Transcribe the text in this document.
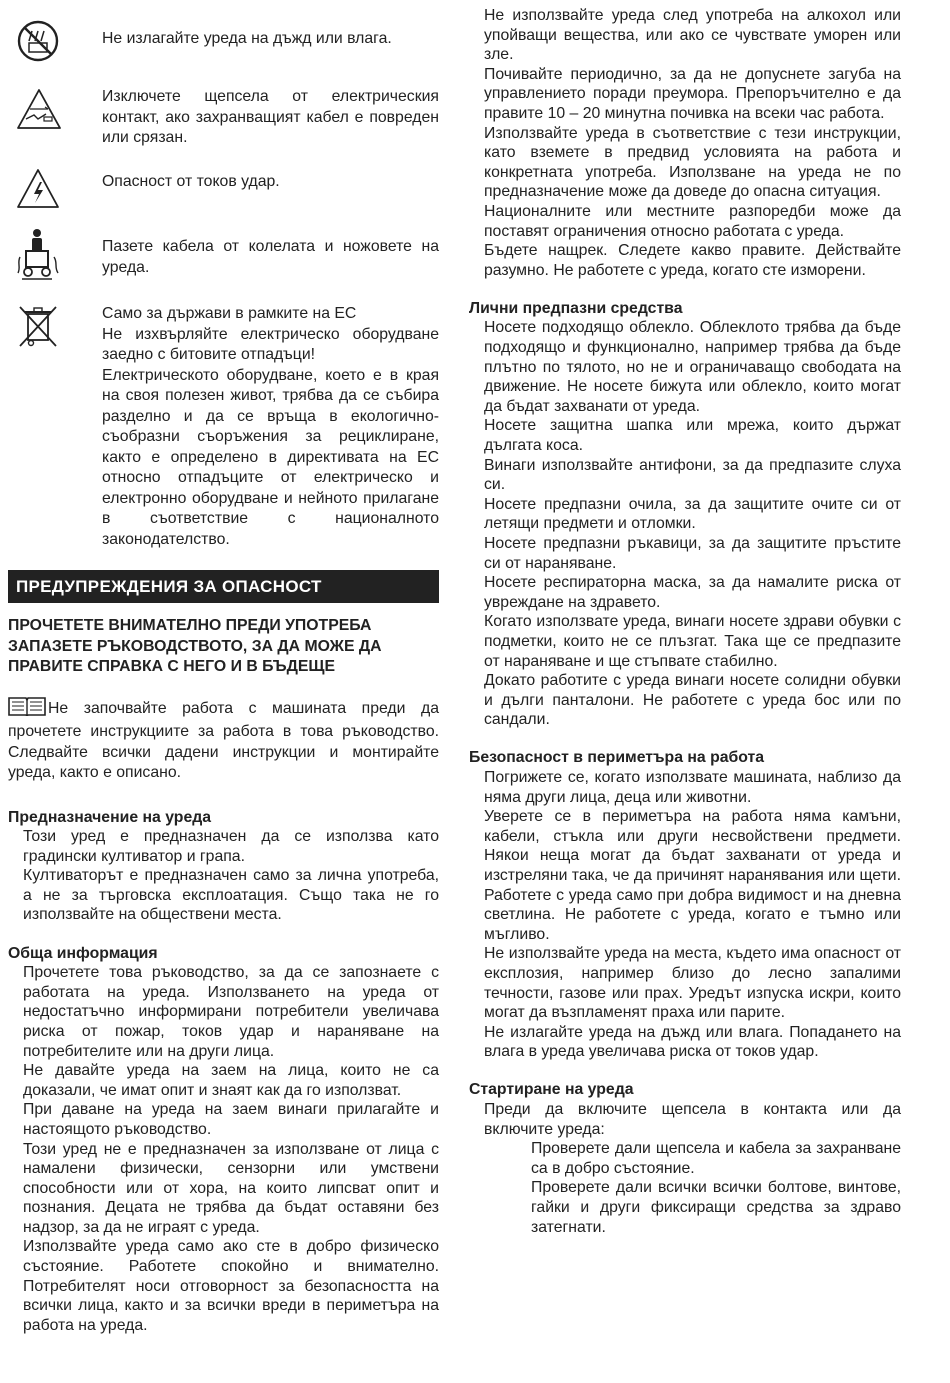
Не излагайте уреда на дъжд или влага.

Изключете щепсела от електрическия контакт, ако захранващият кабел е повреден или срязан.

Опасност от токов удар.

Пазете кабела от колелата и ножовете на уреда.

Само за държави в рамките на ЕС

Не изхвърляйте електрическо оборудване заедно с битовите отпадъци!

Електрическото оборудване, което е в края на своя полезен живот, трябва да се събира разделно и да се връща в екологично-съобразни съоръжения за рециклиране, както е определено в директивата на ЕС относно отпадъците от електрическо и електронно оборудване и нейното прилагане в съответствие с националното законодателство.

ПРЕДУПРЕЖДЕНИЯ ЗА ОПАСНОСТ

ПРОЧЕТЕТЕ ВНИМАТЕЛНО ПРЕДИ УПОТРЕБА ЗАПАЗЕТЕ РЪКОВОДСТВОТО, ЗА ДА МОЖЕ ДА ПРАВИТЕ СПРАВКА С НЕГО И В БЪДЕЩЕ

Не започвайте работа с машината преди да прочетете инструкциите за работа в това ръководство. Следвайте всички дадени инструкции и монтирайте уреда, както е описано.

Предназначение на уреда

Този уред е предназначен да се използва като градински култиватор и грапа.

Култиваторът е предназначен само за лична употреба, а не за търговска експлоатация. Също така не го използвайте на обществени места.

Обща информация

Прочетете това ръководство, за да се запознаете с работата на уреда. Използването на уреда от недостатъчно информирани потребители увеличава риска от пожар, токов удар и нараняване на потребителите или на други лица.

Не давайте уреда на заем на лица, които не са доказали, че имат опит и знаят как да го използват.

При даване на уреда на заем винаги прилагайте и настоящото ръководство.

Този уред не е предназначен за използване от лица с намалени физически, сензорни или умствени способности или от хора, на които липсват опит и познания. Децата не трябва да бъдат оставяни без надзор, за да не играят с уреда.

Използвайте уреда само ако сте в добро физическо състояние. Работете спокойно и внимателно. Потребителят носи отговорност за безопасността на всички лица, както и за всички вреди в периметъра на работа на уреда.

Не използвайте уреда след употреба на алкохол или упойващи вещества, или ако се чувствате уморен или зле.

Почивайте периодично, за да не допуснете загуба на управлението поради преумора. Препоръчително е да правите 10 – 20 минутна почивка на всеки час работа.

Използвайте уреда в съответствие с тези инструкции, като вземете в предвид условията на работа и конкретната употреба. Използване на уреда не по предназначение може да доведе до опасна ситуация.

Националните или местните разпоредби може да поставят ограничения относно работата с уреда.

Бъдете нащрек. Следете какво правите. Действайте разумно. Не работете с уреда, когато сте изморени.

Лични предпазни средства

Носете подходящо облекло. Облеклото трябва да бъде подходящо и функционално, например трябва да бъде плътно по тялото, но не и ограничаващо свободата на движение. Не носете бижута или облекло, които могат да бъдат захванати от уреда.

Носете защитна шапка или мрежа, които държат дългата коса.

Винаги използвайте антифони, за да предпазите слуха си.

Носете предпазни очила, за да защитите очите си от летящи предмети и отломки.

Носете предпазни ръкавици, за да защитите пръстите си от нараняване.

Носете респираторна маска, за да намалите риска от увреждане на здравето.

Когато използвате уреда, винаги носете здрави обувки с подметки, които не се плъзгат. Така ще се предпазите от нараняване и ще стъпвате стабилно.

Докато работите с уреда винаги носете солидни обувки и дълги панталони. Не работете с уреда бос или по сандали.

Безопасност в периметъра на работа

Погрижете се, когато използвате машината, наблизо да няма други лица, деца или животни.

Уверете се в периметъра на работа няма камъни, кабели, стъкла или други несвойствени предмети. Някои неща могат да бъдат захванати от уреда и изстреляни така, че да причинят наранявания или щети.

Работете с уреда само при добра видимост и на дневна светлина. Не работете с уреда, когато е тъмно или мъгливо.

Не използвайте уреда на места, където има опасност от експлозия, например близо до лесно запалими течности, газове или прах. Уредът изпуска искри, които могат да възпламенят праха или парите.

Не излагайте уреда на дъжд или влага. Попадането на влага в уреда увеличава риска от токов удар.

Стартиране на уреда

Преди да включите щепсела в контакта или да включите уреда:

Проверете дали щепсела и кабела за захранване са в добро състояние.

Проверете дали всички всички болтове, винтове, гайки и други фиксиращи средства за здраво затегнати.
